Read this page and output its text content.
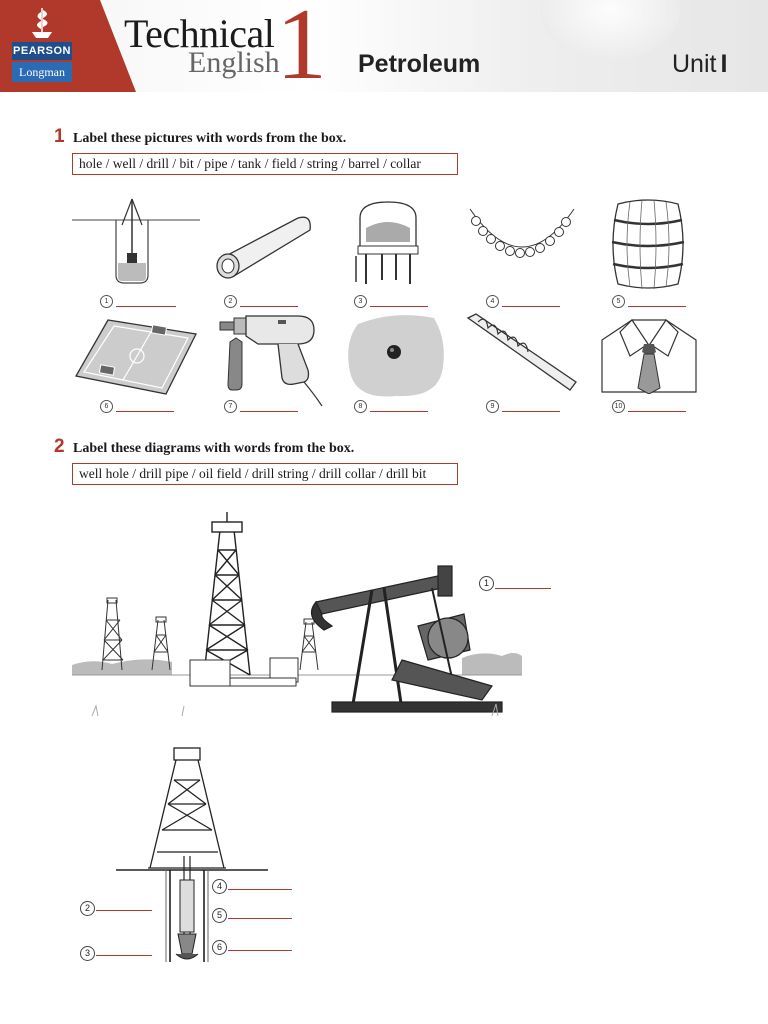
PEARSON
Longman
Technical
English
1 Petroleum	Unit I
1 Label these pictures with words from the box.
hole / well / drill / bit / pipe / tank / field / string / barrel / collar
1	2	3	4	5
6	7	8	9	10
2 Label these diagrams with words from the box.
well hole / drill pipe / oil field / drill string / drill collar / drill bit
1
2
3
4
5
6
